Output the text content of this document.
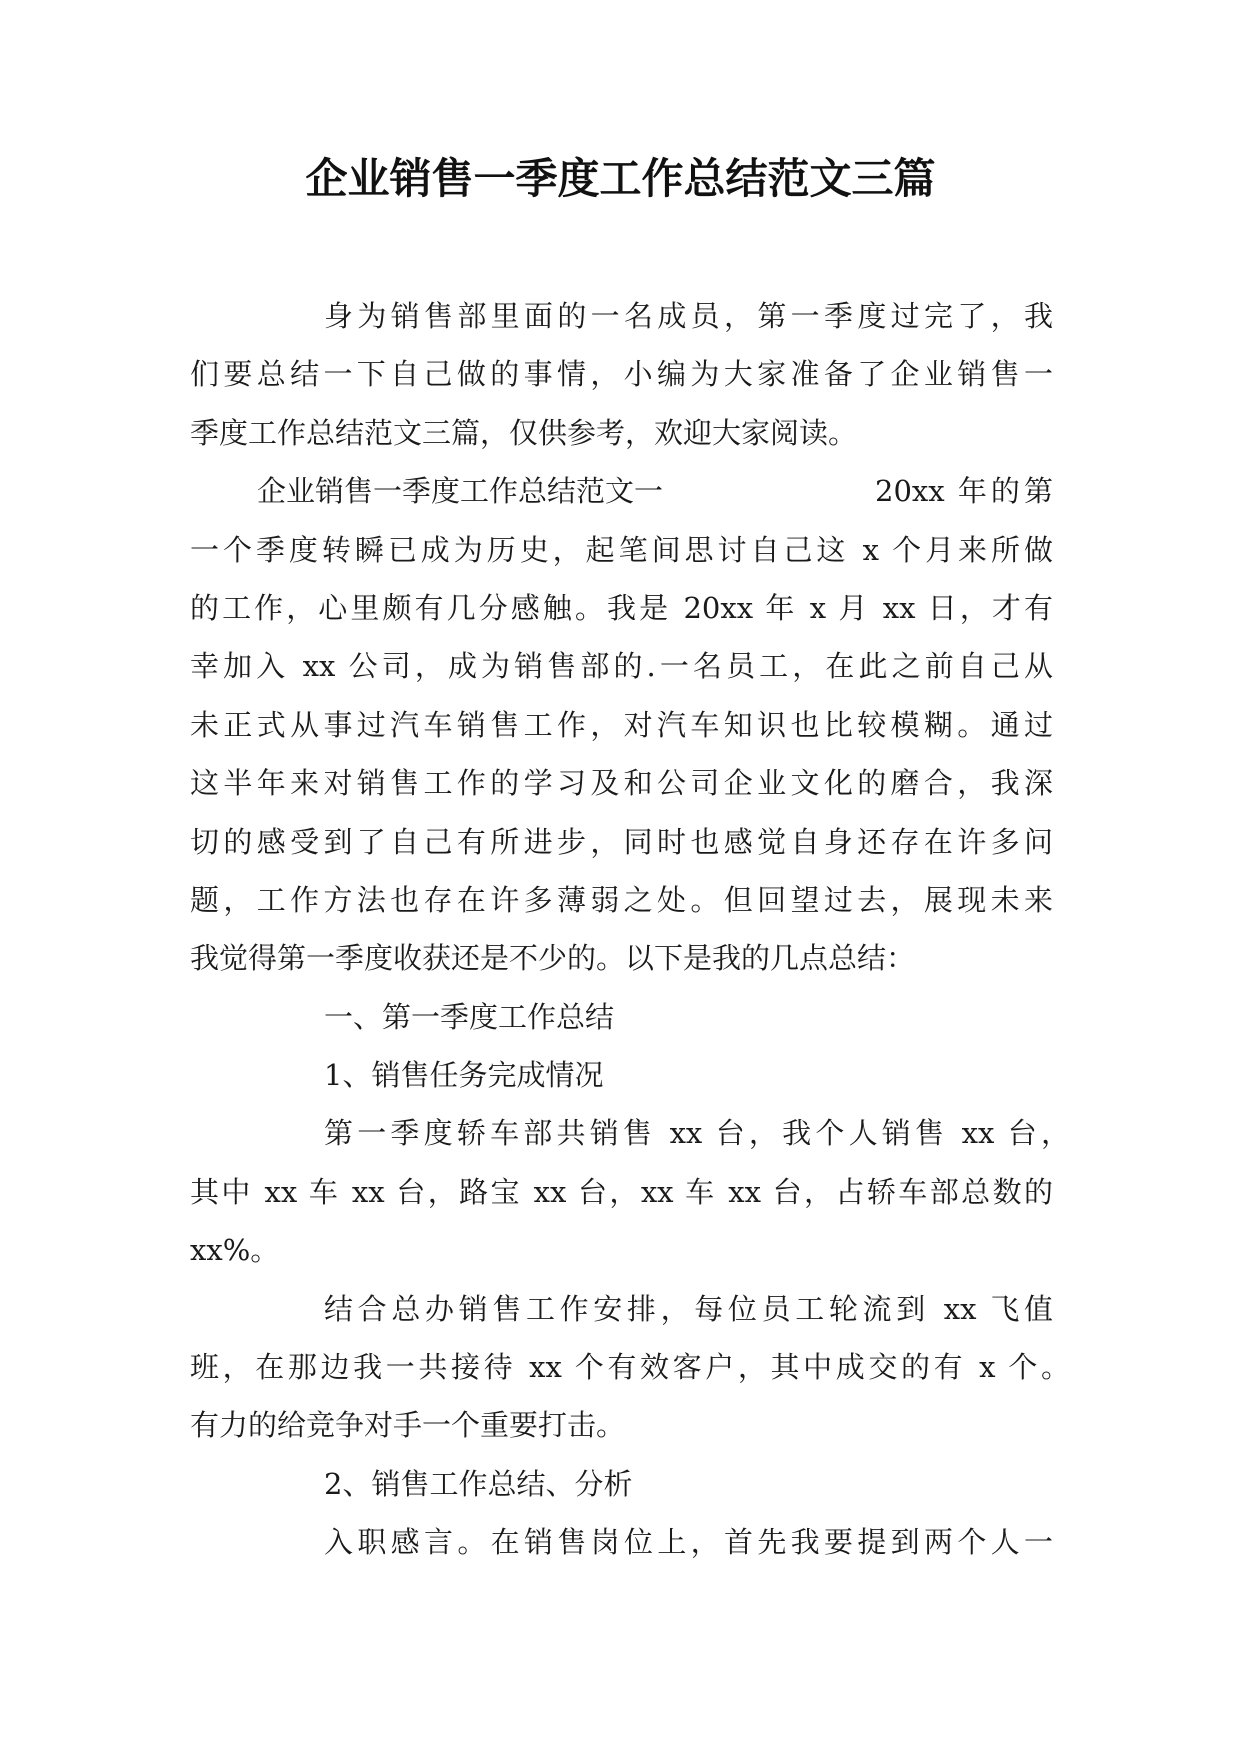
企业销售一季度工作总结范文三篇
身为销售部里面的一名成员，第一季度过完了，我
们要总结一下自己做的事情，小编为大家准备了企业销售一
季度工作总结范文三篇，仅供参考，欢迎大家阅读。
企业销售一季度工作总结范文一	20xx 年的第
一个季度转瞬已成为历史，起笔间思讨自己这 x 个月来所做
的工作，心里颇有几分感触。我是 20xx 年 x 月 xx 日，才有
幸加入 xx 公司，成为销售部的.一名员工，在此之前自己从
未正式从事过汽车销售工作，对汽车知识也比较模糊。通过
这半年来对销售工作的学习及和公司企业文化的磨合，我深
切的感受到了自己有所进步，同时也感觉自身还存在许多问
题，工作方法也存在许多薄弱之处。但回望过去，展现未来
我觉得第一季度收获还是不少的。以下是我的几点总结：
一、第一季度工作总结
1、销售任务完成情况
第一季度轿车部共销售 xx 台，我个人销售 xx 台，
其中 xx 车 xx 台，路宝 xx 台，xx 车 xx 台，占轿车部总数的
xx%。
结合总办销售工作安排，每位员工轮流到 xx 飞值
班，在那边我一共接待 xx 个有效客户，其中成交的有 x 个。
有力的给竞争对手一个重要打击。
2、销售工作总结、分析
入职感言。在销售岗位上，首先我要提到两个人一
